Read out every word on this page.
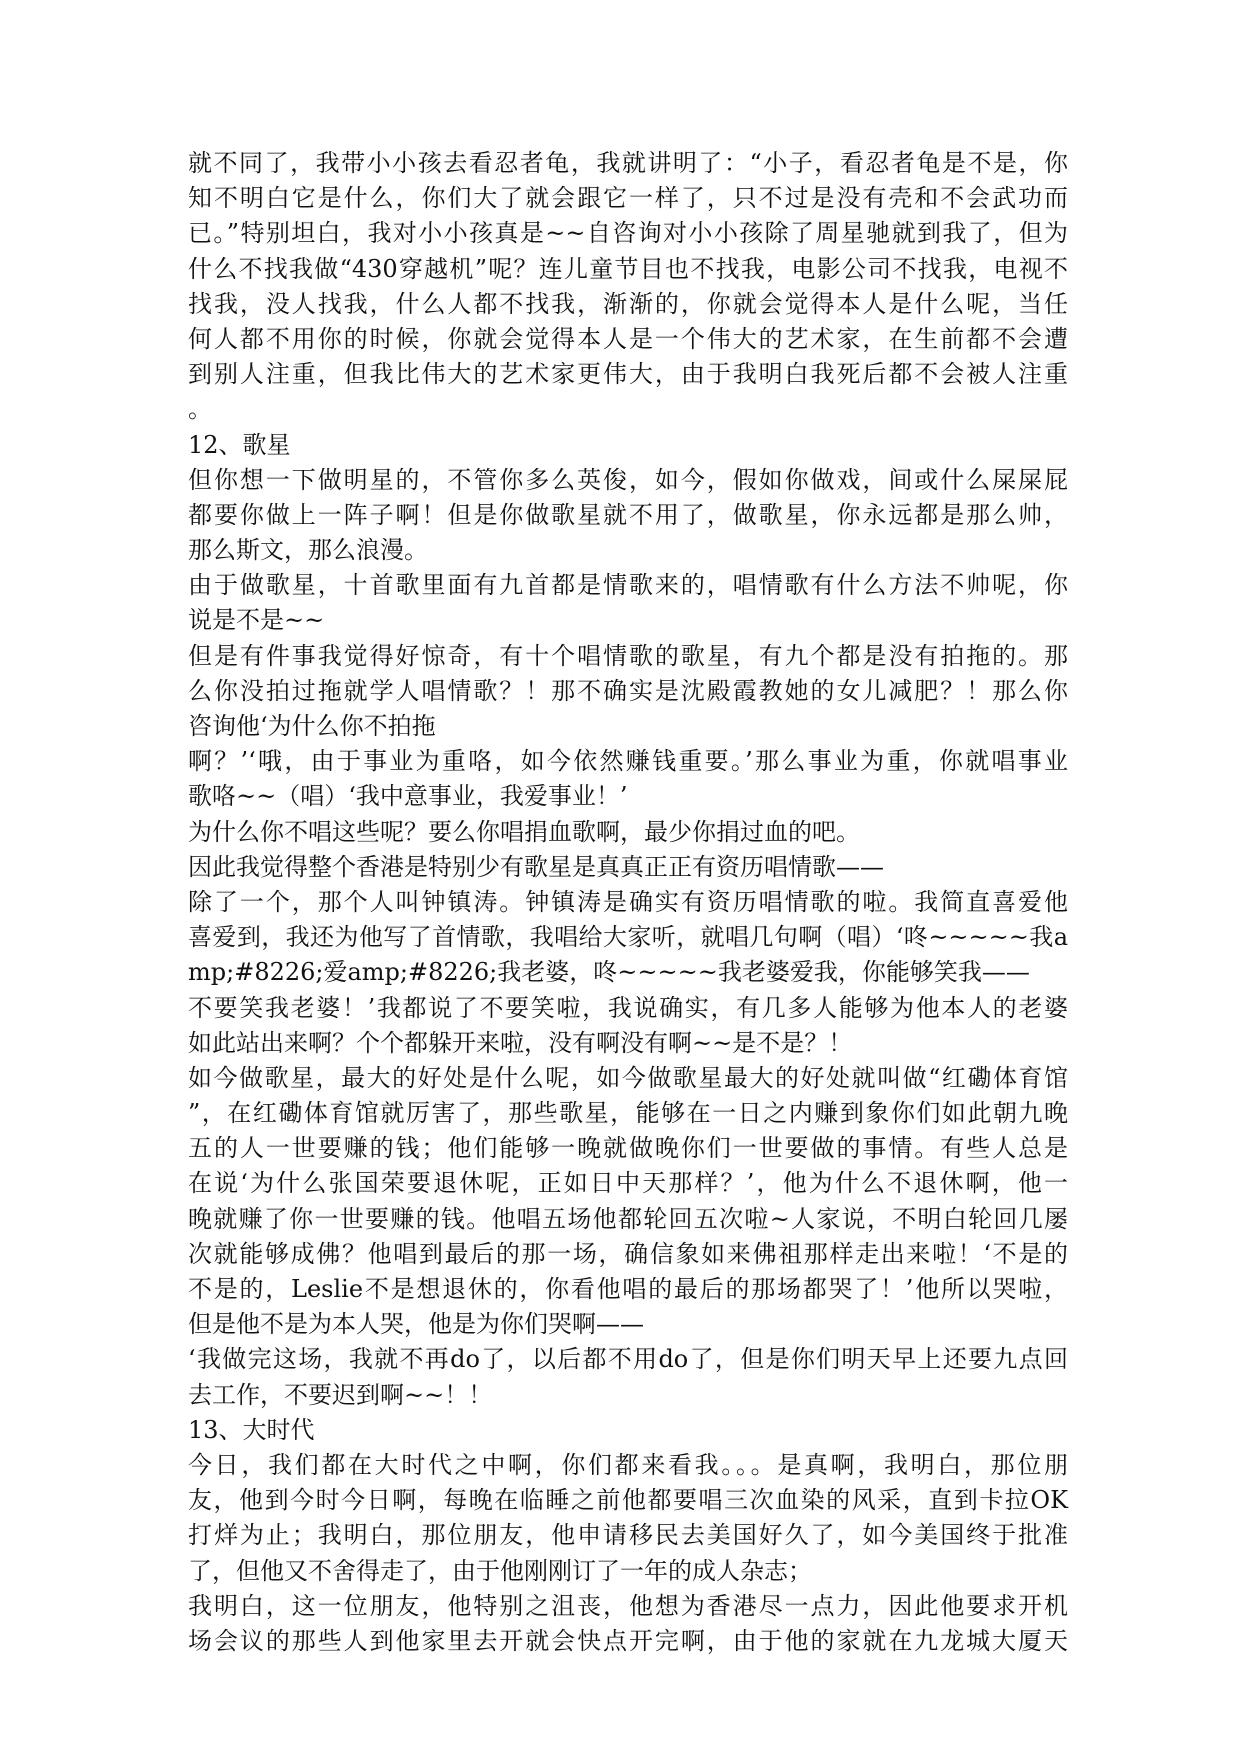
就不同了，我带小小孩去看忍者龟，我就讲明了：“小子，看忍者龟是不是，你
知不明白它是什么，你们大了就会跟它一样了，只不过是没有壳和不会武功而
已。”特别坦白，我对小小孩真是~~自咨询对小小孩除了周星驰就到我了，但为
什么不找我做“430穿越机”呢？连儿童节目也不找我，电影公司不找我，电视不
找我，没人找我，什么人都不找我，渐渐的，你就会觉得本人是什么呢，当任
何人都不用你的时候，你就会觉得本人是一个伟大的艺术家，在生前都不会遭
到别人注重，但我比伟大的艺术家更伟大，由于我明白我死后都不会被人注重
。
12、歌星
但你想一下做明星的，不管你多么英俊，如今，假如你做戏，间或什么屎屎屁
都要你做上一阵子啊！但是你做歌星就不用了，做歌星，你永远都是那么帅，
那么斯文，那么浪漫。
由于做歌星，十首歌里面有九首都是情歌来的，唱情歌有什么方法不帅呢，你
说是不是~~
但是有件事我觉得好惊奇，有十个唱情歌的歌星，有九个都是没有拍拖的。那
么你没拍过拖就学人唱情歌？！那不确实是沈殿霞教她的女儿减肥？！那么你
咨询他‘为什么你不拍拖
啊？’‘哦，由于事业为重咯，如今依然赚钱重要。’那么事业为重，你就唱事业
歌咯~~（唱）‘我中意事业，我爱事业！’
为什么你不唱这些呢？要么你唱捐血歌啊，最少你捐过血的吧。
因此我觉得整个香港是特别少有歌星是真真正正有资历唱情歌——
除了一个，那个人叫钟镇涛。钟镇涛是确实有资历唱情歌的啦。我简直喜爱他
喜爱到，我还为他写了首情歌，我唱给大家听，就唱几句啊（唱）‘咚~~~~~我a
mp;#8226;爱amp;#8226;我老婆，咚~~~~~我老婆爱我，你能够笑我——
不要笑我老婆！’我都说了不要笑啦，我说确实，有几多人能够为他本人的老婆
如此站出来啊？个个都躲开来啦，没有啊没有啊~~是不是？！
如今做歌星，最大的好处是什么呢，如今做歌星最大的好处就叫做“红磡体育馆
”，在红磡体育馆就厉害了，那些歌星，能够在一日之内赚到象你们如此朝九晚
五的人一世要赚的钱；他们能够一晚就做晚你们一世要做的事情。有些人总是
在说‘为什么张国荣要退休呢，正如日中天那样？’，他为什么不退休啊，他一
晚就赚了你一世要赚的钱。他唱五场他都轮回五次啦~人家说，不明白轮回几屡
次就能够成佛？他唱到最后的那一场，确信象如来佛祖那样走出来啦！‘不是的
不是的，Leslie不是想退休的，你看他唱的最后的那场都哭了！’他所以哭啦，
但是他不是为本人哭，他是为你们哭啊——
‘我做完这场，我就不再do了，以后都不用do了，但是你们明天早上还要九点回
去工作，不要迟到啊~~！！
13、大时代
今日，我们都在大时代之中啊，你们都来看我。。。是真啊，我明白，那位朋
友，他到今时今日啊，每晚在临睡之前他都要唱三次血染的风采，直到卡拉OK
打烊为止；我明白，那位朋友，他申请移民去美国好久了，如今美国终于批准
了，但他又不舍得走了，由于他刚刚订了一年的成人杂志；
我明白，这一位朋友，他特别之沮丧，他想为香港尽一点力，因此他要求开机
场会议的那些人到他家里去开就会快点开完啊，由于他的家就在九龙城大厦天
